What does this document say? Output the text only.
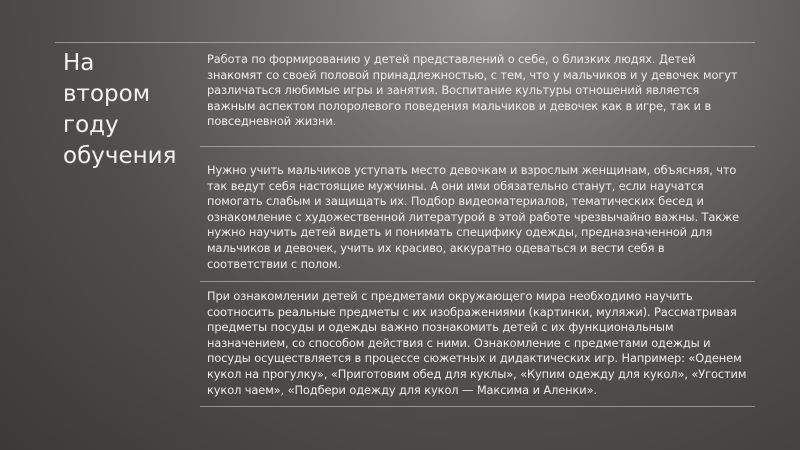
На
втором
году
обучения

Работа по формированию у детей представлений о себе, о близких людях. Детей знакомят со своей половой принадлежностью, с тем, что у мальчиков и у девочек могут различаться любимые игры и занятия. Воспитание культуры отношений является важным аспектом полоролевого поведения мальчиков и девочек как в игре, так и в повседневной жизни.

Нужно учить мальчиков уступать место девочкам и взрослым женщинам, объясняя, что так ведут себя настоящие мужчины. А они ими обязательно станут, если научатся помогать слабым и защищать их. Подбор видеоматериалов, тематических бесед и ознакомление с художественной литературой в этой работе чрезвычайно важны. Также нужно научить детей видеть и понимать специфику одежды, предназначенной для мальчиков и девочек, учить их красиво, аккуратно одеваться и вести себя в соответствии с полом.

При ознакомлении детей с предметами окружающего мира необходимо научить соотносить реальные предметы с их изображениями (картинки, муляжи). Рассматривая предметы посуды и одежды важно познакомить детей с их функциональным назначением, со способом действия с ними. Ознакомление с предметами одежды и посуды осуществляется в процессе сюжетных и дидактических игр. Например: «Оденем кукол на прогулку», «Приготовим обед для куклы», «Купим одежду для кукол», «Угостим кукол чаем», «Подбери одежду для кукол — Максима и Аленки».
